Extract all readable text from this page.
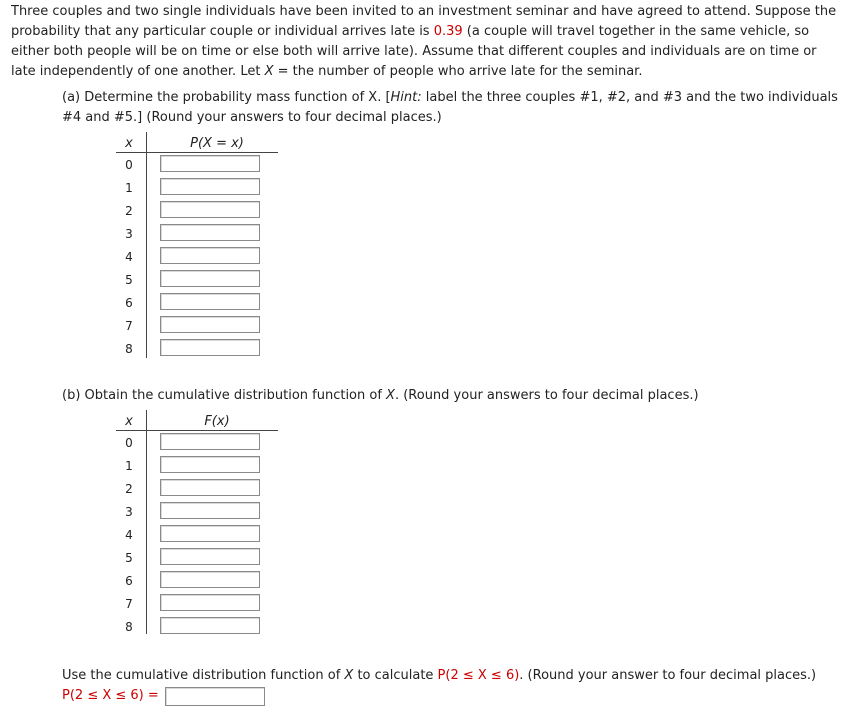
Three couples and two single individuals have been invited to an investment seminar and have agreed to attend. Suppose the probability that any particular couple or individual arrives late is 0.39 (a couple will travel together in the same vehicle, so either both people will be on time or else both will arrive late). Assume that different couples and individuals are on time or late independently of one another. Let X = the number of people who arrive late for the seminar.
(a) Determine the probability mass function of X. [Hint: label the three couples #1, #2, and #3 and the two individuals #4 and #5.] (Round your answers to four decimal places.)
x	P(X = x)
0
1
2
3
4
5
6
7
8
(b) Obtain the cumulative distribution function of X. (Round your answers to four decimal places.)
x	F(x)
0
1
2
3
4
5
6
7
8
Use the cumulative distribution function of X to calculate P(2 ≤ X ≤ 6). (Round your answer to four decimal places.)
P(2 ≤ X ≤ 6) =
